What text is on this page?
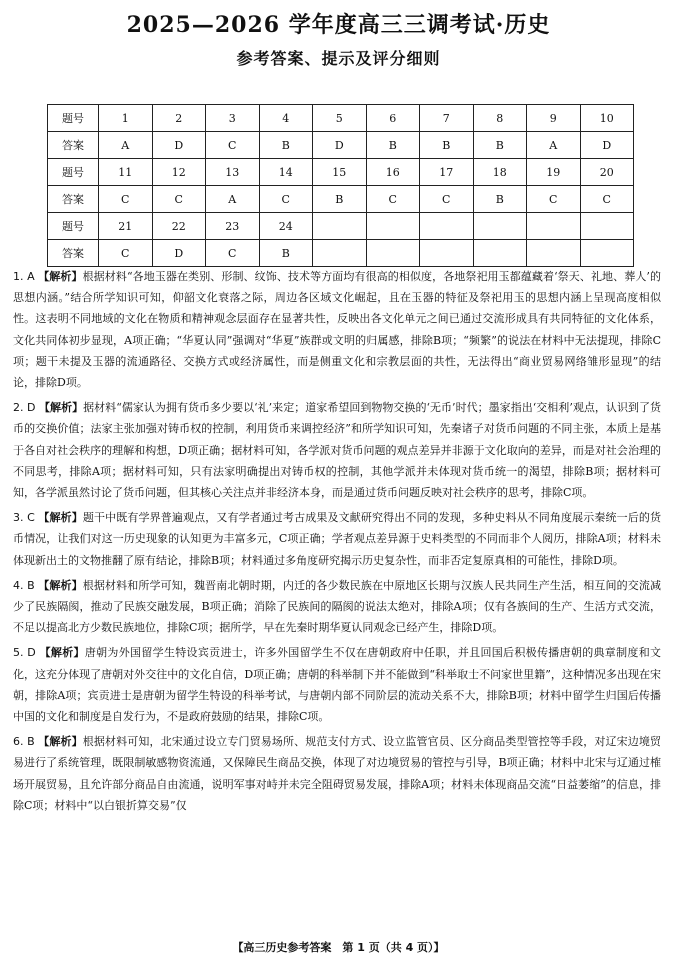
2025—2026 学年度高三三调考试·历史
参考答案、提示及评分细则
题号	1	2	3	4	5	6	7	8	9	10
答案	A	D	C	B	D	B	B	B	A	D
题号	11	12	13	14	15	16	17	18	19	20
答案	C	C	A	C	B	C	C	B	C	C
题号	21	22	23	24						
答案	C	D	C	B						
1. A 【解析】根据材料“各地玉器在类别、形制、纹饰、技术等方面均有很高的相似度，各地祭祀用玉都蕴藏着‘祭天、礼地、葬人’的思想内涵。”结合所学知识可知，仰韶文化衰落之际，周边各区域文化崛起，且在玉器的特征及祭祀用玉的思想内涵上呈现高度相似性。这表明不同地域的文化在物质和精神观念层面存在显著共性，反映出各文化单元之间已通过交流形成具有共同特征的文化体系，文化共同体初步显现，A项正确；“华夏认同”强调对“华夏”族群或文明的归属感，排除B项；“频繁”的说法在材料中无法提现，排除C项；题干未提及玉器的流通路径、交换方式或经济属性，而是侧重文化和宗教层面的共性，无法得出“商业贸易网络雏形显现”的结论，排除D项。
2. D 【解析】据材料“儒家认为拥有货币多少要以‘礼’来定；道家希望回到物物交换的‘无币’时代；墨家指出‘交相利’观点，认识到了货币的交换价值；法家主张加强对铸币权的控制，利用货币来调控经济”和所学知识可知，先秦诸子对货币问题的不同主张，本质上是基于各自对社会秩序的理解和构想，D项正确；据材料可知，各学派对货币问题的观点差异并非源于文化取向的差异，而是对社会治理的不同思考，排除A项；据材料可知，只有法家明确提出对铸币权的控制，其他学派并未体现对货币统一的渴望，排除B项；据材料可知，各学派虽然讨论了货币问题，但其核心关注点并非经济本身，而是通过货币问题反映对社会秩序的思考，排除C项。
3. C 【解析】题干中既有学界普遍观点，又有学者通过考古成果及文献研究得出不同的发现，多种史料从不同角度展示秦统一后的货币情况，让我们对这一历史现象的认知更为丰富多元，C项正确；学者观点差异源于史料类型的不同而非个人阅历，排除A项；材料未体现新出土的文物推翻了原有结论，排除B项；材料通过多角度研究揭示历史复杂性，而非否定复原真相的可能性，排除D项。
4. B 【解析】根据材料和所学可知，魏晋南北朝时期，内迁的各少数民族在中原地区长期与汉族人民共同生产生活，相互间的交流减少了民族隔阂，推动了民族交融发展，B项正确；消除了民族间的隔阂的说法太绝对，排除A项；仅有各族间的生产、生活方式交流，不足以提高北方少数民族地位，排除C项；据所学，早在先秦时期华夏认同观念已经产生，排除D项。
5. D 【解析】唐朝为外国留学生特设宾贡进士，许多外国留学生不仅在唐朝政府中任职，并且回国后积极传播唐朝的典章制度和文化，这充分体现了唐朝对外交往中的文化自信，D项正确；唐朝的科举制下并不能做到“科举取士不问家世里籍”，这种情况多出现在宋朝，排除A项；宾贡进士是唐朝为留学生特设的科举考试，与唐朝内部不同阶层的流动关系不大，排除B项；材料中留学生归国后传播中国的文化和制度是自发行为，不是政府鼓励的结果，排除C项。
6. B 【解析】根据材料可知，北宋通过设立专门贸易场所、规范支付方式、设立监管官员、区分商品类型管控等手段，对辽宋边境贸易进行了系统管理，既限制敏感物资流通，又保障民生商品交换，体现了对边境贸易的管控与引导，B项正确；材料中北宋与辽通过榷场开展贸易，且允许部分商品自由流通，说明军事对峙并未完全阻碍贸易发展，排除A项；材料未体现商品交流“日益萎缩”的信息，排除C项；材料中“以白银折算交易”仅
【高三历史参考答案　第 1 页（共 4 页）】
